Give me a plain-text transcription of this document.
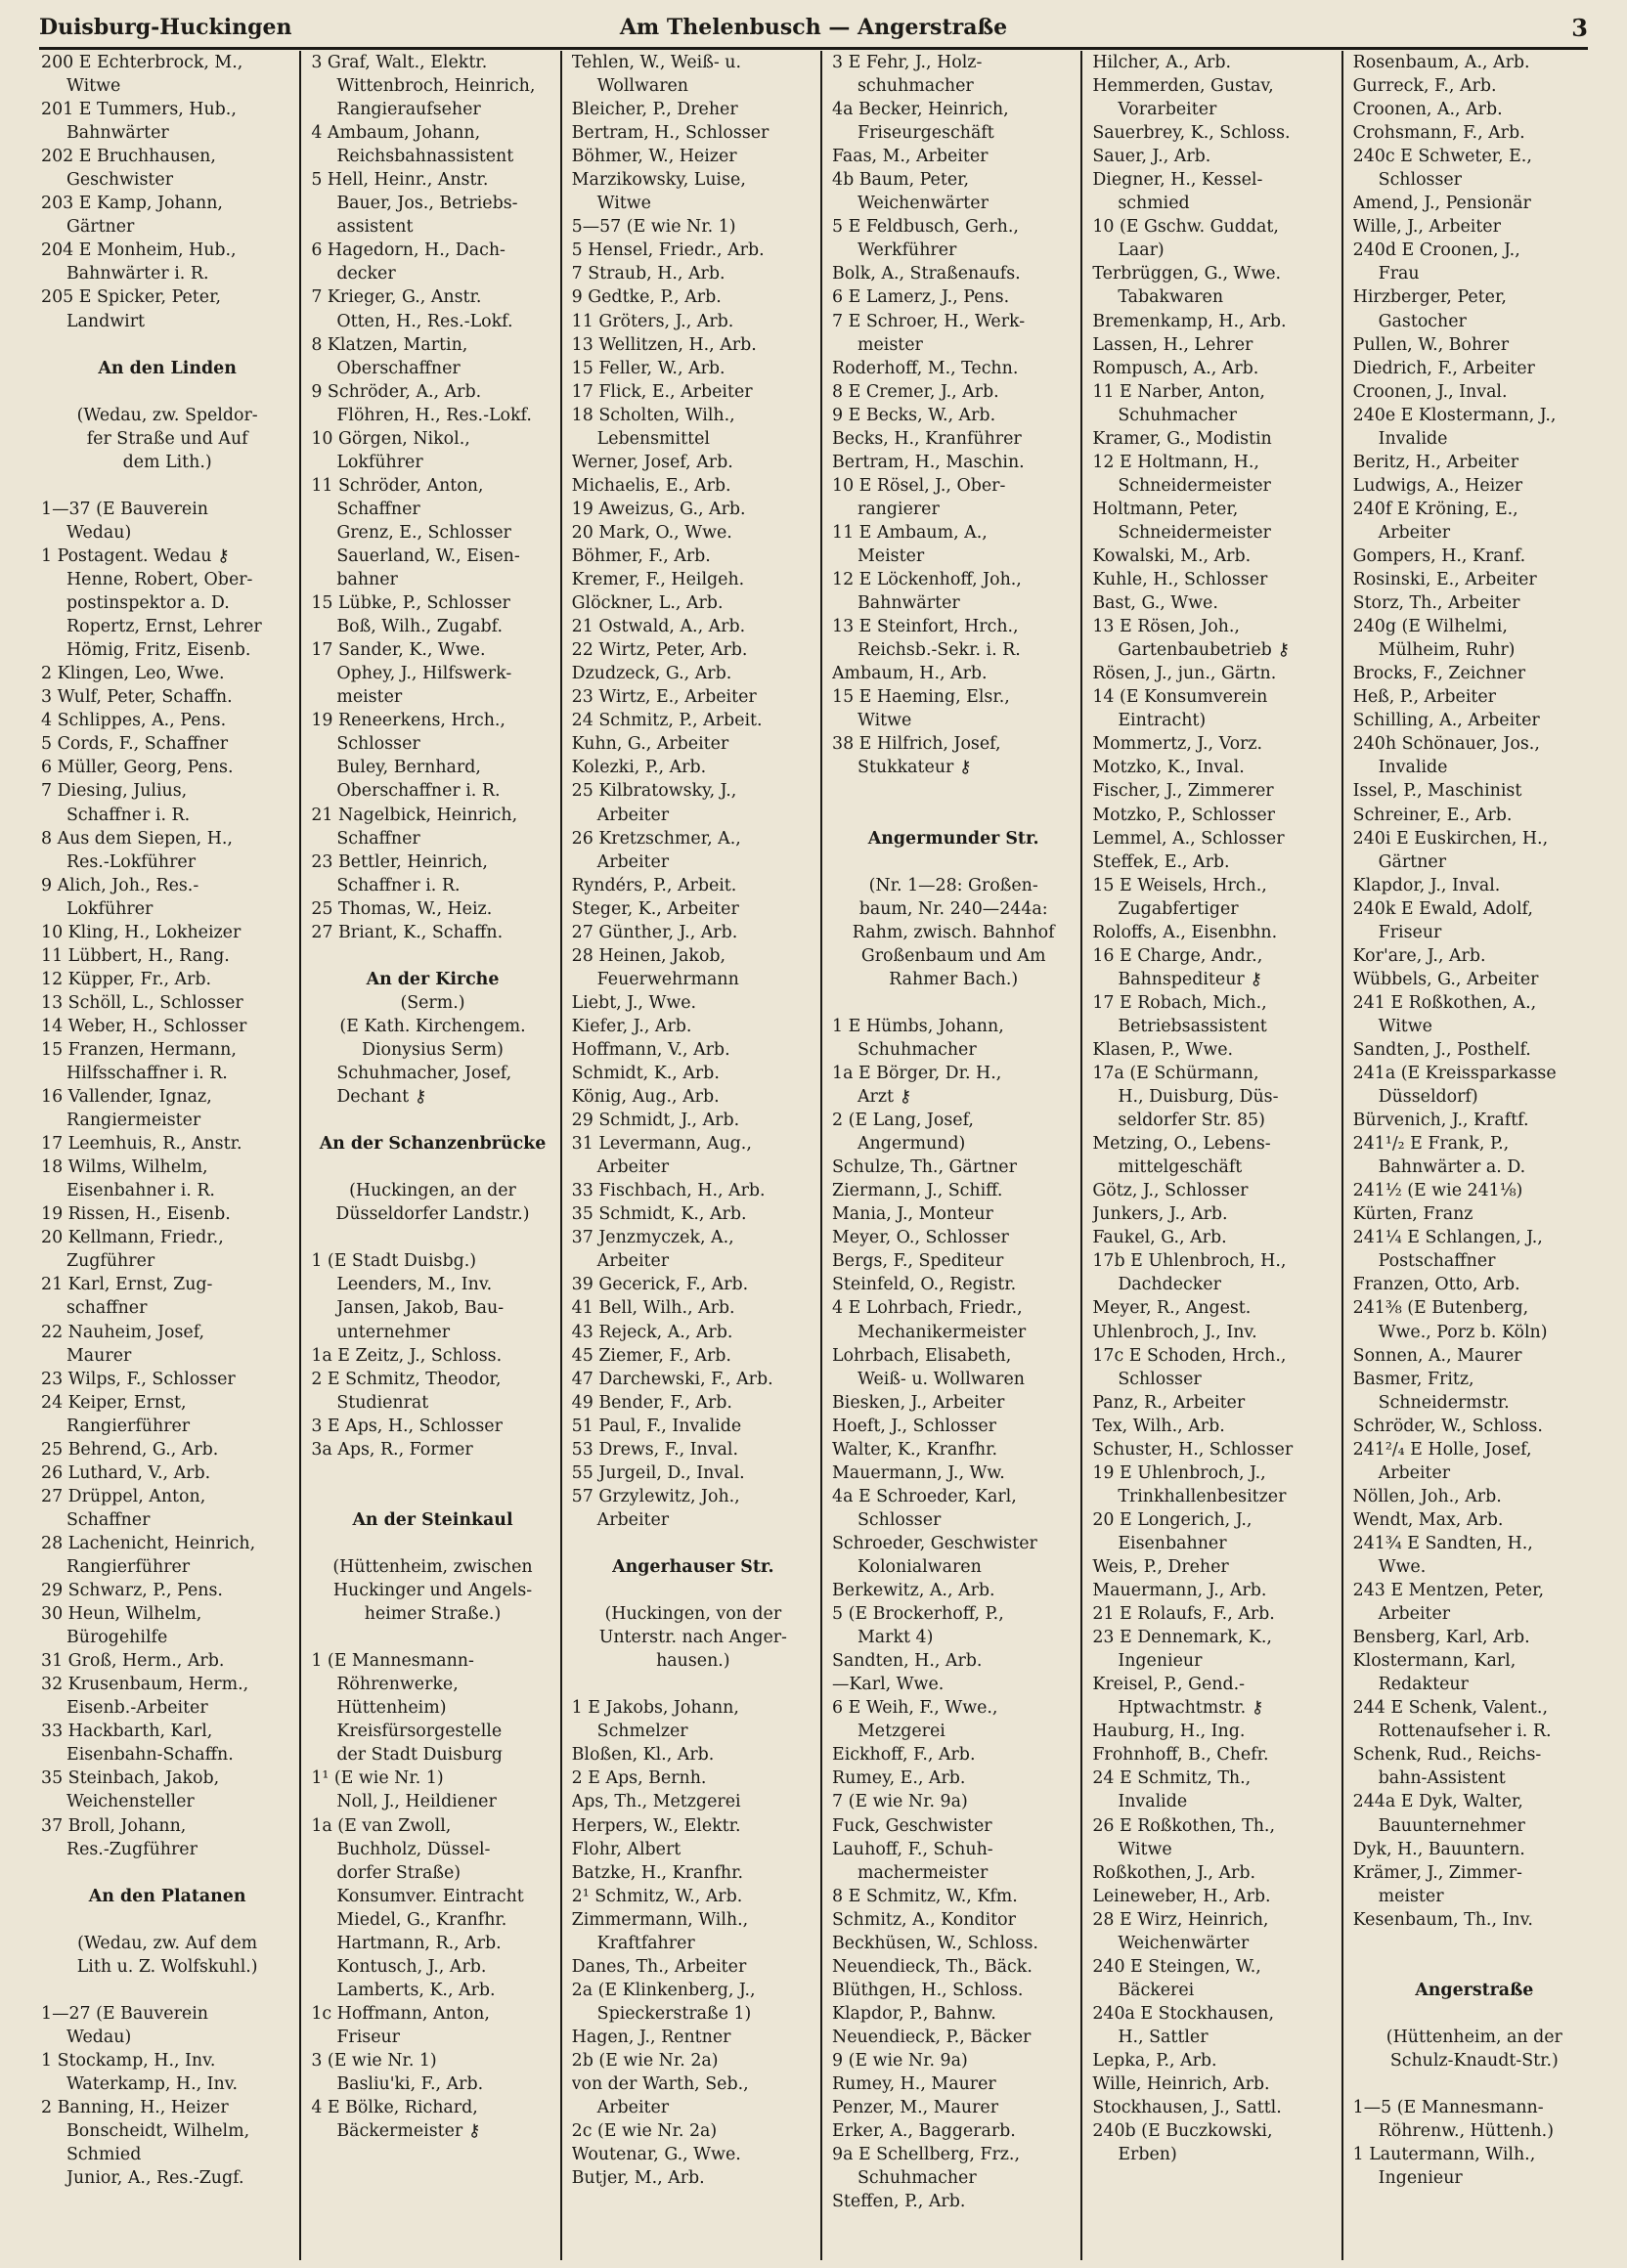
Duisburg-Huckingen	Am Thelenbusch — Angerstraße	3
200 E Echterbrock, M.,
Witwe
201 E Tummers, Hub.,
Bahnwärter
202 E Bruchhausen,
Geschwister
203 E Kamp, Johann,
Gärtner
204 E Monheim, Hub.,
Bahnwärter i. R.
205 E Spicker, Peter,
Landwirt
An den Linden
(Wedau, zw. Speldor-
fer Straße und Auf
dem Lith.)
1—37 (E Bauverein
Wedau)
1 Postagent. Wedau ⚷
Henne, Robert, Ober-
postinspektor a. D.
Ropertz, Ernst, Lehrer
Hömig, Fritz, Eisenb.
2 Klingen, Leo, Wwe.
3 Wulf, Peter, Schaffn.
4 Schlippes, A., Pens.
5 Cords, F., Schaffner
6 Müller, Georg, Pens.
7 Diesing, Julius,
Schaffner i. R.
8 Aus dem Siepen, H.,
Res.-Lokführer
9 Alich, Joh., Res.-
Lokführer
10 Kling, H., Lokheizer
11 Lübbert, H., Rang.
12 Küpper, Fr., Arb.
13 Schöll, L., Schlosser
14 Weber, H., Schlosser
15 Franzen, Hermann,
Hilfsschaffner i. R.
16 Vallender, Ignaz,
Rangiermeister
17 Leemhuis, R., Anstr.
18 Wilms, Wilhelm,
Eisenbahner i. R.
19 Rissen, H., Eisenb.
20 Kellmann, Friedr.,
Zugführer
21 Karl, Ernst, Zug-
schaffner
22 Nauheim, Josef,
Maurer
23 Wilps, F., Schlosser
24 Keiper, Ernst,
Rangierführer
25 Behrend, G., Arb.
26 Luthard, V., Arb.
27 Drüppel, Anton,
Schaffner
28 Lachenicht, Heinrich,
Rangierführer
29 Schwarz, P., Pens.
30 Heun, Wilhelm,
Bürogehilfe
31 Groß, Herm., Arb.
32 Krusenbaum, Herm.,
Eisenb.-Arbeiter
33 Hackbarth, Karl,
Eisenbahn-Schaffn.
35 Steinbach, Jakob,
Weichensteller
37 Broll, Johann,
Res.-Zugführer
An den Platanen
(Wedau, zw. Auf dem
Lith u. Z. Wolfskuhl.)
1—27 (E Bauverein
Wedau)
1 Stockamp, H., Inv.
Waterkamp, H., Inv.
2 Banning, H., Heizer
Bonscheidt, Wilhelm,
Schmied
Junior, A., Res.-Zugf.
3 Graf, Walt., Elektr.
Wittenbroch, Heinrich,
Rangieraufseher
4 Ambaum, Johann,
Reichsbahnassistent
5 Hell, Heinr., Anstr.
Bauer, Jos., Betriebs-
assistent
6 Hagedorn, H., Dach-
decker
7 Krieger, G., Anstr.
Otten, H., Res.-Lokf.
8 Klatzen, Martin,
Oberschaffner
9 Schröder, A., Arb.
Flöhren, H., Res.-Lokf.
10 Görgen, Nikol.,
Lokführer
11 Schröder, Anton,
Schaffner
Grenz, E., Schlosser
Sauerland, W., Eisen-
bahner
15 Lübke, P., Schlosser
Boß, Wilh., Zugabf.
17 Sander, K., Wwe.
Ophey, J., Hilfswerk-
meister
19 Reneerkens, Hrch.,
Schlosser
Buley, Bernhard,
Oberschaffner i. R.
21 Nagelbick, Heinrich,
Schaffner
23 Bettler, Heinrich,
Schaffner i. R.
25 Thomas, W., Heiz.
27 Briant, K., Schaffn.
An der Kirche
(Serm.)
(E Kath. Kirchengem.
Dionysius Serm)
Schuhmacher, Josef,
Dechant ⚷
An der Schanzenbrücke
(Huckingen, an der
Düsseldorfer Landstr.)
1 (E Stadt Duisbg.)
Leenders, M., Inv.
Jansen, Jakob, Bau-
unternehmer
1a E Zeitz, J., Schloss.
2 E Schmitz, Theodor,
Studienrat
3 E Aps, H., Schlosser
3a Aps, R., Former
An der Steinkaul
(Hüttenheim, zwischen
Huckinger und Angels-
heimer Straße.)
1 (E Mannesmann-
Röhrenwerke,
Hüttenheim)
Kreisfürsorgestelle
der Stadt Duisburg
1¹ (E wie Nr. 1)
Noll, J., Heildiener
1a (E van Zwoll,
Buchholz, Düssel-
dorfer Straße)
Konsumver. Eintracht
Miedel, G., Kranfhr.
Hartmann, R., Arb.
Kontusch, J., Arb.
Lamberts, K., Arb.
1c Hoffmann, Anton,
Friseur
3 (E wie Nr. 1)
Basliu'ki, F., Arb.
4 E Bölke, Richard,
Bäckermeister ⚷
Tehlen, W., Weiß- u.
Wollwaren
Bleicher, P., Dreher
Bertram, H., Schlosser
Böhmer, W., Heizer
Marzikowsky, Luise,
Witwe
5—57 (E wie Nr. 1)
5 Hensel, Friedr., Arb.
7 Straub, H., Arb.
9 Gedtke, P., Arb.
11 Gröters, J., Arb.
13 Wellitzen, H., Arb.
15 Feller, W., Arb.
17 Flick, E., Arbeiter
18 Scholten, Wilh.,
Lebensmittel
Werner, Josef, Arb.
Michaelis, E., Arb.
19 Aweizus, G., Arb.
20 Mark, O., Wwe.
Böhmer, F., Arb.
Kremer, F., Heilgeh.
Glöckner, L., Arb.
21 Ostwald, A., Arb.
22 Wirtz, Peter, Arb.
Dzudzeck, G., Arb.
23 Wirtz, E., Arbeiter
24 Schmitz, P., Arbeit.
Kuhn, G., Arbeiter
Kolezki, P., Arb.
25 Kilbratowsky, J.,
Arbeiter
26 Kretzschmer, A.,
Arbeiter
Ryndérs, P., Arbeit.
Steger, K., Arbeiter
27 Günther, J., Arb.
28 Heinen, Jakob,
Feuerwehrmann
Liebt, J., Wwe.
Kiefer, J., Arb.
Hoffmann, V., Arb.
Schmidt, K., Arb.
König, Aug., Arb.
29 Schmidt, J., Arb.
31 Levermann, Aug.,
Arbeiter
33 Fischbach, H., Arb.
35 Schmidt, K., Arb.
37 Jenzmyczek, A.,
Arbeiter
39 Gecerick, F., Arb.
41 Bell, Wilh., Arb.
43 Rejeck, A., Arb.
45 Ziemer, F., Arb.
47 Darchewski, F., Arb.
49 Bender, F., Arb.
51 Paul, F., Invalide
53 Drews, F., Inval.
55 Jurgeil, D., Inval.
57 Grzylewitz, Joh.,
Arbeiter
Angerhauser Str.
(Huckingen, von der
Unterstr. nach Anger-
hausen.)
1 E Jakobs, Johann,
Schmelzer
Bloßen, Kl., Arb.
2 E Aps, Bernh.
Aps, Th., Metzgerei
Herpers, W., Elektr.
Flohr, Albert
Batzke, H., Kranfhr.
2¹ Schmitz, W., Arb.
Zimmermann, Wilh.,
Kraftfahrer
Danes, Th., Arbeiter
2a (E Klinkenberg, J.,
Spieckerstraße 1)
Hagen, J., Rentner
2b (E wie Nr. 2a)
von der Warth, Seb.,
Arbeiter
2c (E wie Nr. 2a)
Woutenar, G., Wwe.
Butjer, M., Arb.
3 E Fehr, J., Holz-
schuhmacher
4a Becker, Heinrich,
Friseurgeschäft
Faas, M., Arbeiter
4b Baum, Peter,
Weichenwärter
5 E Feldbusch, Gerh.,
Werkführer
Bolk, A., Straßenaufs.
6 E Lamerz, J., Pens.
7 E Schroer, H., Werk-
meister
Roderhoff, M., Techn.
8 E Cremer, J., Arb.
9 E Becks, W., Arb.
Becks, H., Kranführer
Bertram, H., Maschin.
10 E Rösel, J., Ober-
rangierer
11 E Ambaum, A.,
Meister
12 E Löckenhoff, Joh.,
Bahnwärter
13 E Steinfort, Hrch.,
Reichsb.-Sekr. i. R.
Ambaum, H., Arb.
15 E Haeming, Elsr.,
Witwe
38 E Hilfrich, Josef,
Stukkateur ⚷
Angermunder Str.
(Nr. 1—28: Großen-
baum, Nr. 240—244a:
Rahm, zwisch. Bahnhof
Großenbaum und Am
Rahmer Bach.)
1 E Hümbs, Johann,
Schuhmacher
1a E Börger, Dr. H.,
Arzt ⚷
2 (E Lang, Josef,
Angermund)
Schulze, Th., Gärtner
Ziermann, J., Schiff.
Mania, J., Monteur
Meyer, O., Schlosser
Bergs, F., Spediteur
Steinfeld, O., Registr.
4 E Lohrbach, Friedr.,
Mechanikermeister
Lohrbach, Elisabeth,
Weiß- u. Wollwaren
Biesken, J., Arbeiter
Hoeft, J., Schlosser
Walter, K., Kranfhr.
Mauermann, J., Ww.
4a E Schroeder, Karl,
Schlosser
Schroeder, Geschwister
Kolonialwaren
Berkewitz, A., Arb.
5 (E Brockerhoff, P.,
Markt 4)
Sandten, H., Arb.
—Karl, Wwe.
6 E Weih, F., Wwe.,
Metzgerei
Eickhoff, F., Arb.
Rumey, E., Arb.
7 (E wie Nr. 9a)
Fuck, Geschwister
Lauhoff, F., Schuh-
machermeister
8 E Schmitz, W., Kfm.
Schmitz, A., Konditor
Beckhüsen, W., Schloss.
Neuendieck, Th., Bäck.
Blüthgen, H., Schloss.
Klapdor, P., Bahnw.
Neuendieck, P., Bäcker
9 (E wie Nr. 9a)
Rumey, H., Maurer
Penzer, M., Maurer
Erker, A., Baggerarb.
9a E Schellberg, Frz.,
Schuhmacher
Steffen, P., Arb.
Hilcher, A., Arb.
Hemmerden, Gustav,
Vorarbeiter
Sauerbrey, K., Schloss.
Sauer, J., Arb.
Diegner, H., Kessel-
schmied
10 (E Gschw. Guddat,
Laar)
Terbrüggen, G., Wwe.
Tabakwaren
Bremenkamp, H., Arb.
Lassen, H., Lehrer
Rompusch, A., Arb.
11 E Narber, Anton,
Schuhmacher
Kramer, G., Modistin
12 E Holtmann, H.,
Schneidermeister
Holtmann, Peter,
Schneidermeister
Kowalski, M., Arb.
Kuhle, H., Schlosser
Bast, G., Wwe.
13 E Rösen, Joh.,
Gartenbaubetrieb ⚷
Rösen, J., jun., Gärtn.
14 (E Konsumverein
Eintracht)
Mommertz, J., Vorz.
Motzko, K., Inval.
Fischer, J., Zimmerer
Motzko, P., Schlosser
Lemmel, A., Schlosser
Steffek, E., Arb.
15 E Weisels, Hrch.,
Zugabfertiger
Roloffs, A., Eisenbhn.
16 E Charge, Andr.,
Bahnspediteur ⚷
17 E Robach, Mich.,
Betriebsassistent
Klasen, P., Wwe.
17a (E Schürmann,
H., Duisburg, Düs-
seldorfer Str. 85)
Metzing, O., Lebens-
mittelgeschäft
Götz, J., Schlosser
Junkers, J., Arb.
Faukel, G., Arb.
17b E Uhlenbroch, H.,
Dachdecker
Meyer, R., Angest.
Uhlenbroch, J., Inv.
17c E Schoden, Hrch.,
Schlosser
Panz, R., Arbeiter
Tex, Wilh., Arb.
Schuster, H., Schlosser
19 E Uhlenbroch, J.,
Trinkhallenbesitzer
20 E Longerich, J.,
Eisenbahner
Weis, P., Dreher
Mauermann, J., Arb.
21 E Rolaufs, F., Arb.
23 E Dennemark, K.,
Ingenieur
Kreisel, P., Gend.-
Hptwachtmstr. ⚷
Hauburg, H., Ing.
Frohnhoff, B., Chefr.
24 E Schmitz, Th.,
Invalide
26 E Roßkothen, Th.,
Witwe
Roßkothen, J., Arb.
Leineweber, H., Arb.
28 E Wirz, Heinrich,
Weichenwärter
240 E Steingen, W.,
Bäckerei
240a E Stockhausen,
H., Sattler
Lepka, P., Arb.
Wille, Heinrich, Arb.
Stockhausen, J., Sattl.
240b (E Buczkowski,
Erben)
Rosenbaum, A., Arb.
Gurreck, F., Arb.
Croonen, A., Arb.
Crohsmann, F., Arb.
240c E Schweter, E.,
Schlosser
Amend, J., Pensionär
Wille, J., Arbeiter
240d E Croonen, J.,
Frau
Hirzberger, Peter,
Gastocher
Pullen, W., Bohrer
Diedrich, F., Arbeiter
Croonen, J., Inval.
240e E Klostermann, J.,
Invalide
Beritz, H., Arbeiter
Ludwigs, A., Heizer
240f E Kröning, E.,
Arbeiter
Gompers, H., Kranf.
Rosinski, E., Arbeiter
Storz, Th., Arbeiter
240g (E Wilhelmi,
Mülheim, Ruhr)
Brocks, F., Zeichner
Heß, P., Arbeiter
Schilling, A., Arbeiter
240h Schönauer, Jos.,
Invalide
Issel, P., Maschinist
Schreiner, E., Arb.
240i E Euskirchen, H.,
Gärtner
Klapdor, J., Inval.
240k E Ewald, Adolf,
Friseur
Kor'are, J., Arb.
Wübbels, G., Arbeiter
241 E Roßkothen, A.,
Witwe
Sandten, J., Posthelf.
241a (E Kreissparkasse
Düsseldorf)
Bürvenich, J., Kraftf.
241¹/₂ E Frank, P.,
Bahnwärter a. D.
241½ (E wie 241⅛)
Kürten, Franz
241¼ E Schlangen, J.,
Postschaffner
Franzen, Otto, Arb.
241⅜ (E Butenberg,
Wwe., Porz b. Köln)
Sonnen, A., Maurer
Basmer, Fritz,
Schneidermstr.
Schröder, W., Schloss.
241²/₄ E Holle, Josef,
Arbeiter
Nöllen, Joh., Arb.
Wendt, Max, Arb.
241¾ E Sandten, H.,
Wwe.
243 E Mentzen, Peter,
Arbeiter
Bensberg, Karl, Arb.
Klostermann, Karl,
Redakteur
244 E Schenk, Valent.,
Rottenaufseher i. R.
Schenk, Rud., Reichs-
bahn-Assistent
244a E Dyk, Walter,
Bauunternehmer
Dyk, H., Bauuntern.
Krämer, J., Zimmer-
meister
Kesenbaum, Th., Inv.
Angerstraße
(Hüttenheim, an der
Schulz-Knaudt-Str.)
1—5 (E Mannesmann-
Röhrenw., Hüttenh.)
1 Lautermann, Wilh.,
Ingenieur
